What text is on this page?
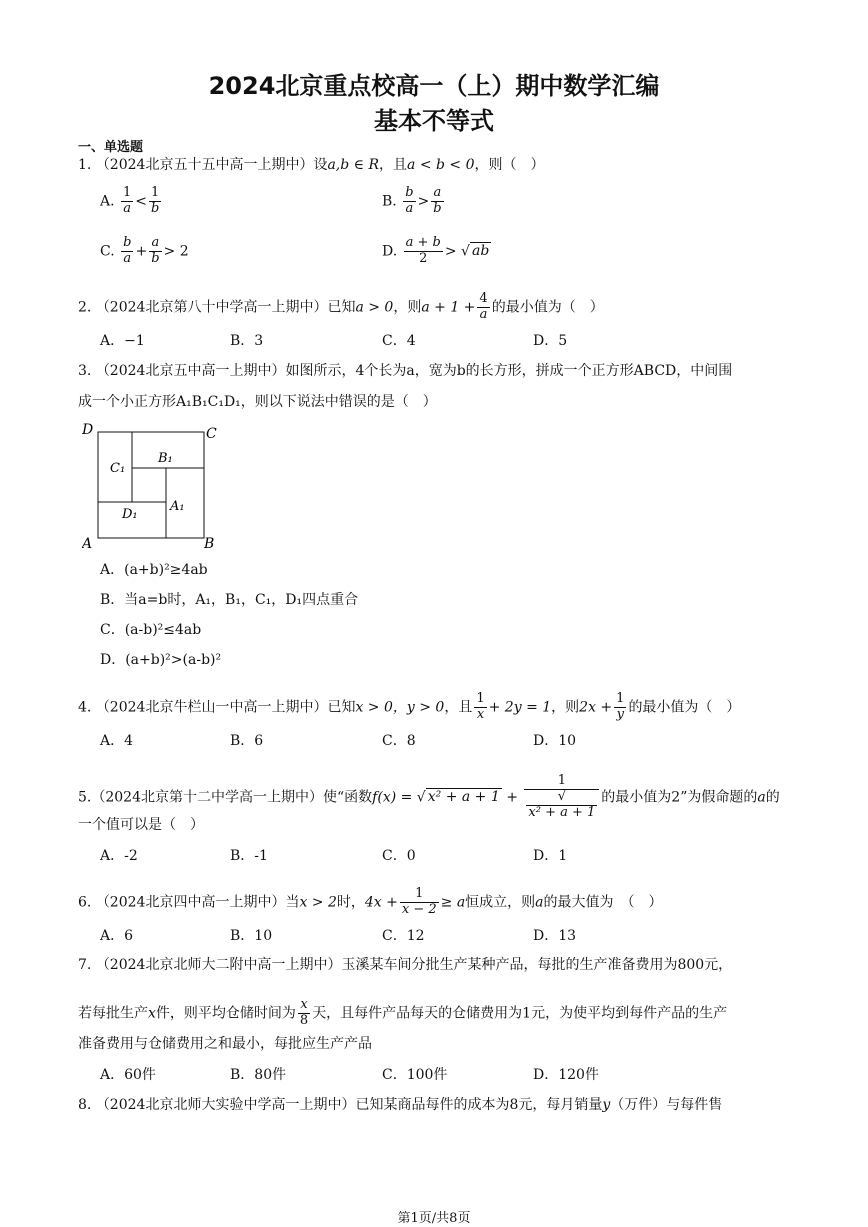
2024北京重点校高一（上）期中数学汇编
基本不等式
一、单选题
1. （2024北京五十五中高一上期中）设a,b ∈ R，且a < b < 0，则（　）
A. $\frac{1}{a} < \frac{1}{b}$	B. $\frac{b}{a} > \frac{a}{b}$
C. $\frac{b}{a} + \frac{a}{b} > 2$	D. $\frac{a + b}{2}$ > √ ab
2. （2024北京第八十中学高一上期中）已知a > 0，则$a + 1 + \frac{4}{a}$ 的最小值为（　）
A．−1	B．3	C．4	D．5
3. （2024北京五中高一上期中）如图所示，4个长为a，宽为b的长方形，拼成一个正方形ABCD，中间围
成一个小正方形A₁B₁C₁D₁，则以下说法中错误的是（　）
D	C
A	B
C₁
B₁
A₁
D₁
A．(a+b)²≥4ab
B．当a=b时，A₁，B₁，C₁，D₁四点重合
C．(a-b)²≤4ab
D．(a+b)²>(a-b)²
4. （2024北京牛栏山一中高一上期中）已知x > 0，y > 0，且 $\frac{1}{x} + 2y = 1$，则$2x + \frac{1}{y}$ 的最小值为（　）
A．4	B．6	C．8	D．10
5.（2024北京第十二中学高一上期中）使“函数f(x) = √ x² + a + 1 + 1
√
x² + a + 1 的最小值为2”为假命题的a的
一个值可以是（　）
A．-2	B．-1	C．0	D．1
6. （2024北京四中高一上期中）当x > 2时，$4x + \frac{1}{x - 2} \ge a$恒成立，则a的最大值为　（　）
A．6	B．10	C．12	D．13
7. （2024北京北师大二附中高一上期中）玉溪某车间分批生产某种产品，每批的生产准备费用为800元，
若每批生产x件，则平均仓储时间为 $\frac{x}{8}$ 天，且每件产品每天的仓储费用为1元，为使平均到每件产品的生产
准备费用与仓储费用之和最小，每批应生产产品
A．60件	B．80件	C．100件	D．120件
8. （2024北京北师大实验中学高一上期中）已知某商品每件的成本为8元，每月销量y（万件）与每件售
第1页/共8页
